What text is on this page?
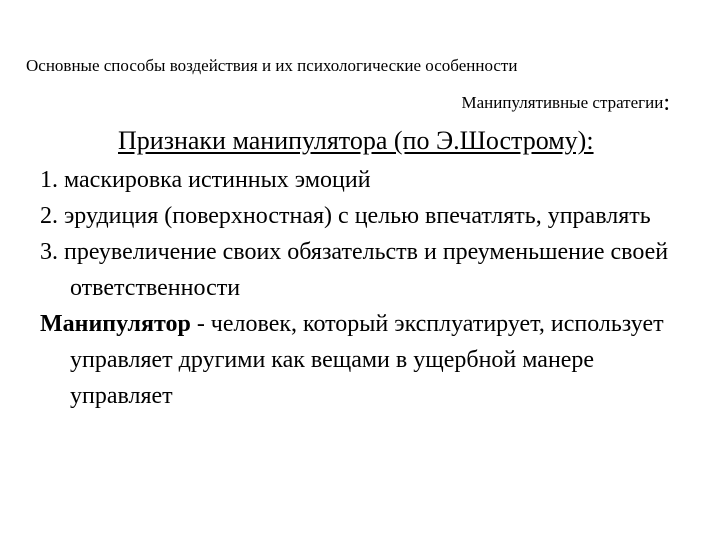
Основные способы воздействия и их психологические особенности
Манипулятивные стратегии:
Признаки манипулятора (по Э.Шострому):
1. маскировка истинных эмоций
2. эрудиция (поверхностная) с целью впечатлять, управлять
3. преувеличение своих обязательств и преуменьшение своей ответственности
Манипулятор - человек, который эксплуатирует, использует управляет другими как вещами в ущербной манере управляет
